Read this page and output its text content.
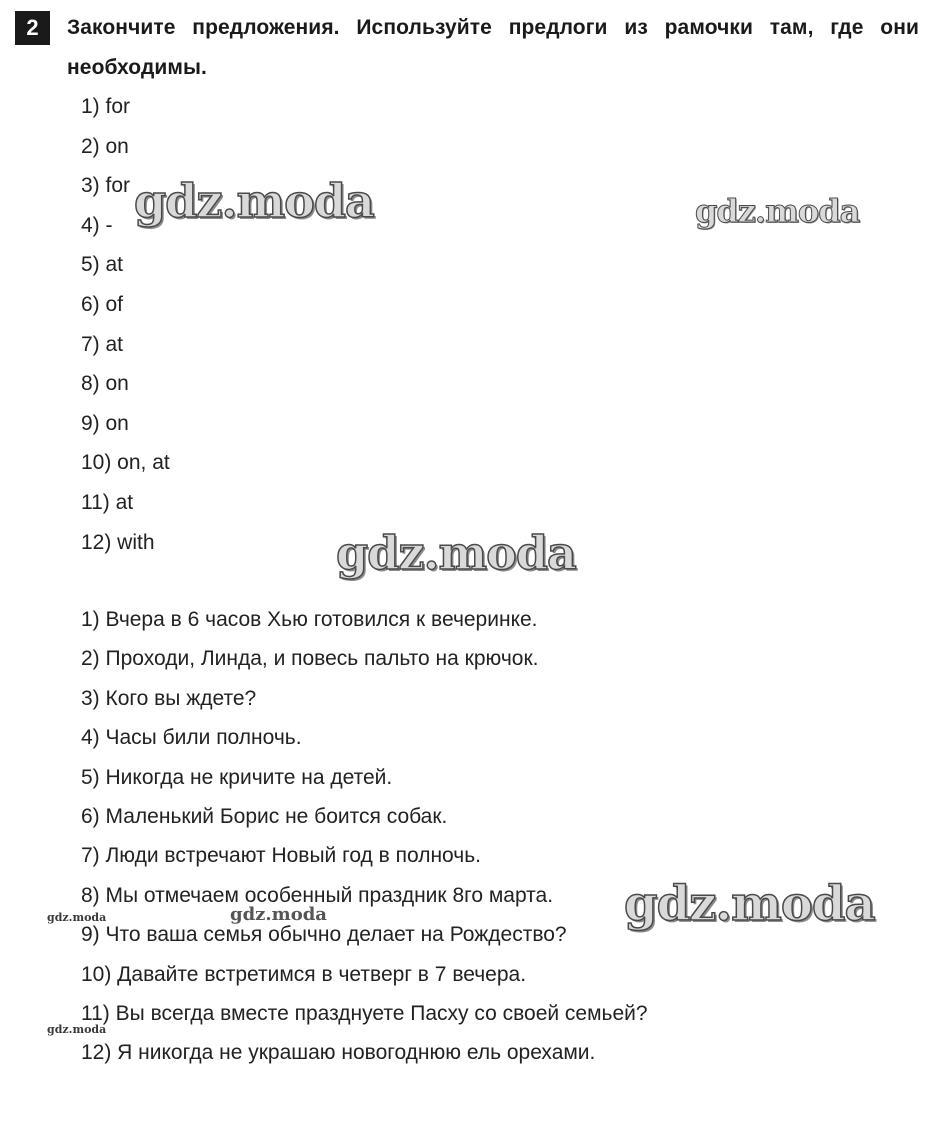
2	Закончите предложения. Используйте предлоги из рамочки там, где они необходимы.
1) for
2) on
3) for
4) -
5) at
6) of
7) at
8) on
9) on
10) on, at
11) at
12) with
1) Вчера в 6 часов Хью готовился к вечеринке.
2) Проходи, Линда, и повесь пальто на крючок.
3) Кого вы ждете?
4) Часы били полночь.
5) Никогда не кричите на детей.
6) Маленький Борис не боится собак.
7) Люди встречают Новый год в полночь.
8) Мы отмечаем особенный праздник 8го марта.
9) Что ваша семья обычно делает на Рождество?
10) Давайте встретимся в четверг в 7 вечера.
11) Вы всегда вместе празднуете Пасху со своей семьей?
12) Я никогда не украшаю новогоднюю ель орехами.
gdz.moda	gdz.moda
gdz.moda
gdz.moda
gdz.moda
gdz.moda
gdz.moda
